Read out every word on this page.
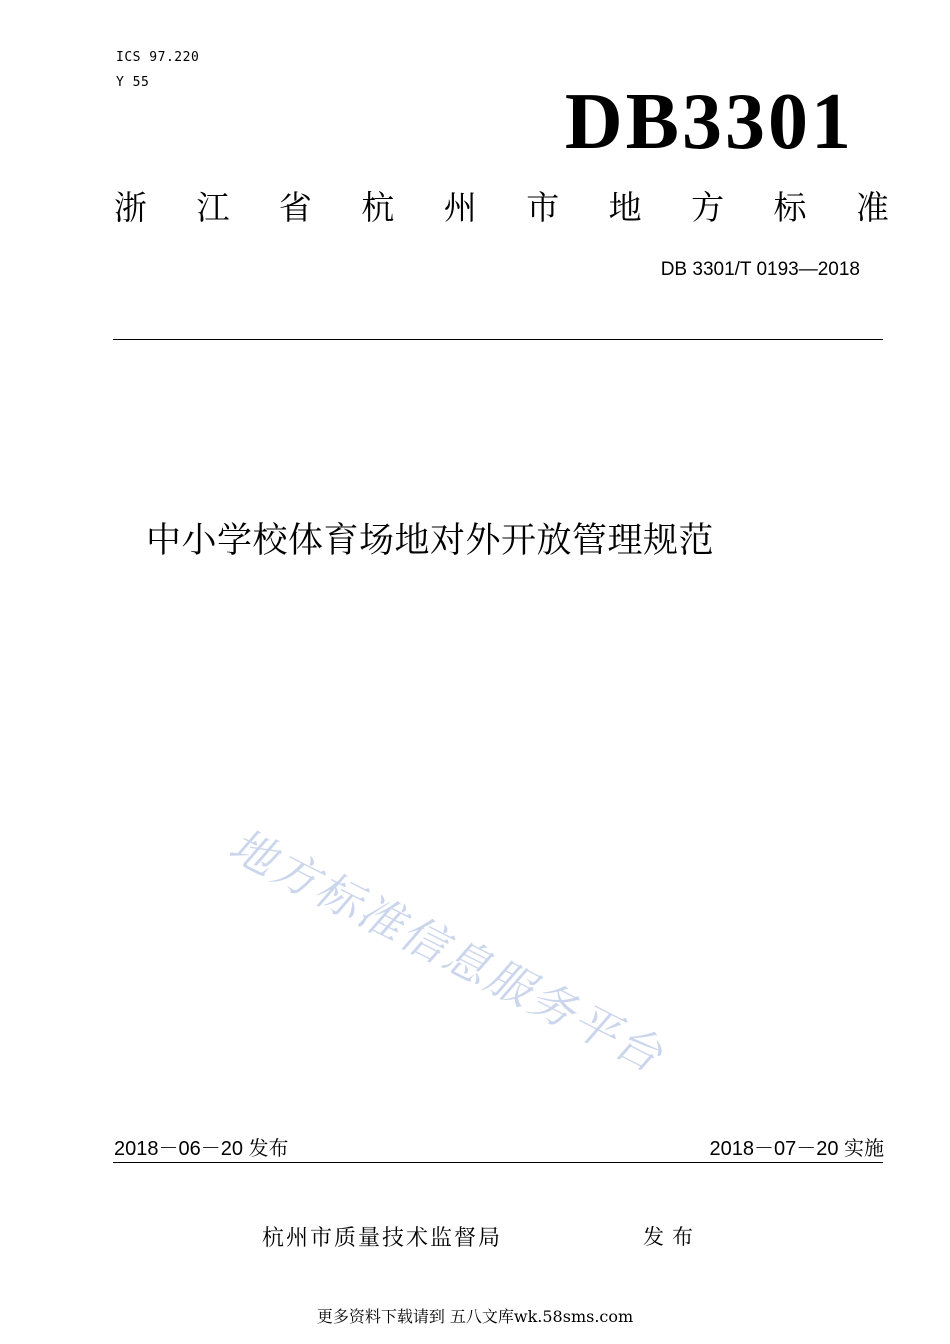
ICS 97.220
Y 55	DB3301
浙 江 省 杭 州 市 地 方 标 准
DB 3301/T 0193—2018
中小学校体育场地对外开放管理规范
地方标准信息服务平台
2018－06－20 发布	2018－07－20 实施
杭州市质量技术监督局	发布
更多资料下载请到 五八文库wk.58sms.com
